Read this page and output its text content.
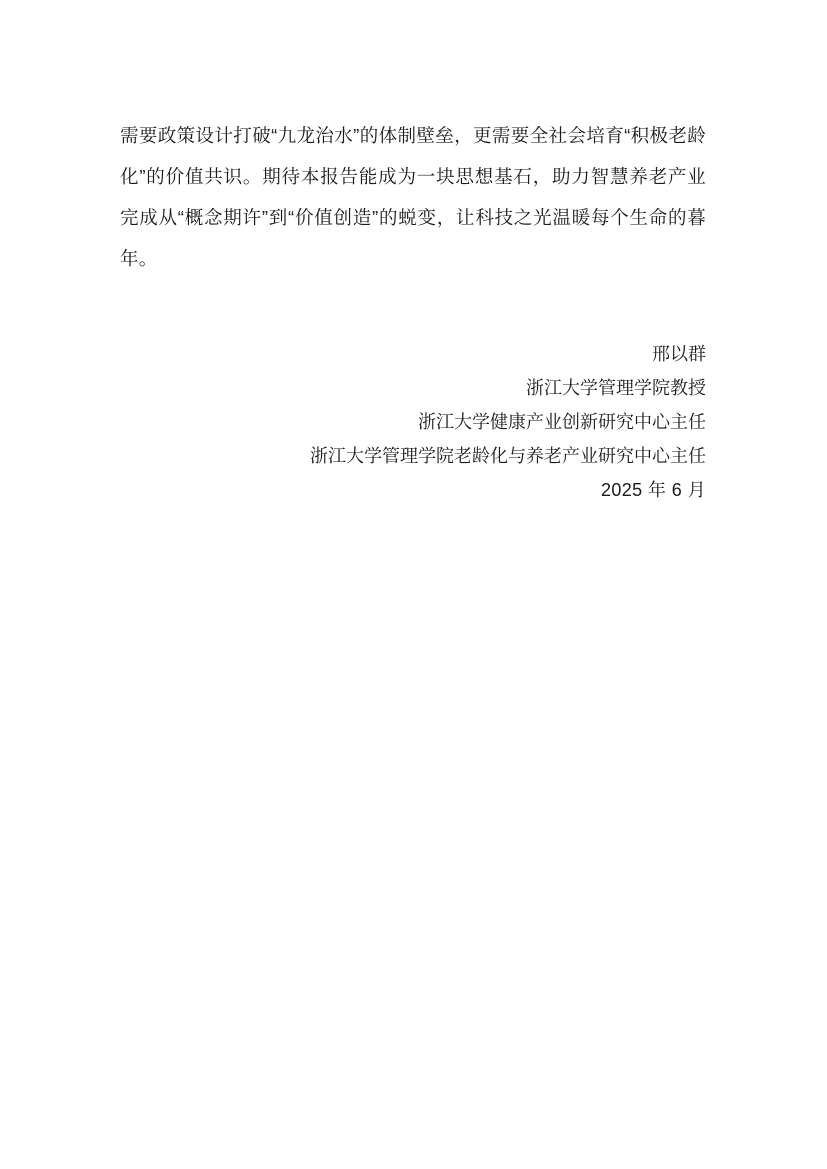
需要政策设计打破“九龙治水”的体制壁垒，更需要全社会培育“积极老龄化”的价值共识。期待本报告能成为一块思想基石，助力智慧养老产业完成从“概念期许”到“价值创造”的蜕变，让科技之光温暖每个生命的暮年。

邢以群
浙江大学管理学院教授
浙江大学健康产业创新研究中心主任
浙江大学管理学院老龄化与养老产业研究中心主任
2025 年 6 月
